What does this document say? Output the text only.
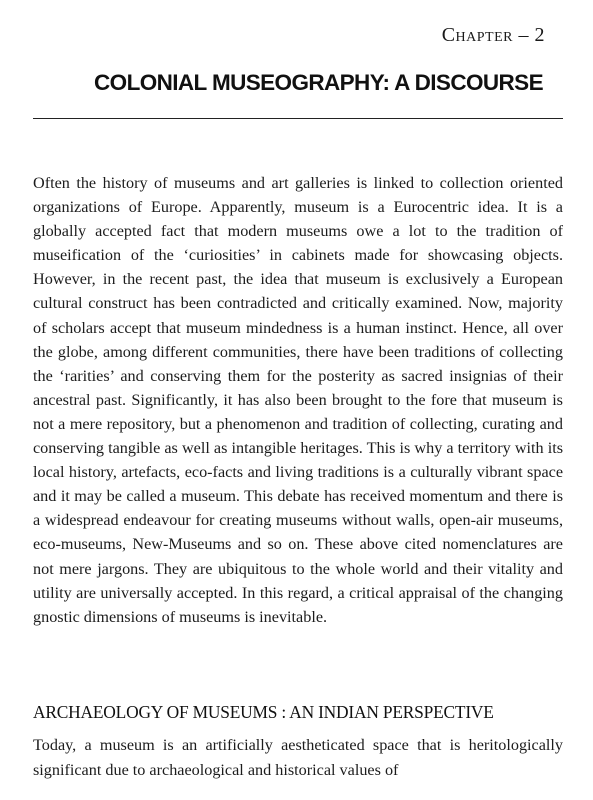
Chapter – 2
COLONIAL MUSEOGRAPHY: A DISCOURSE

Often the history of museums and art galleries is linked to collection oriented organizations of Europe. Apparently, museum is a Eurocentric idea. It is a globally accepted fact that modern museums owe a lot to the tradition of museification of the ‘curiosities’ in cabinets made for showcasing objects. However, in the recent past, the idea that museum is exclusively a European cultural construct has been contradicted and critically examined. Now, majority of scholars accept that museum mindedness is a human instinct. Hence, all over the globe, among different communities, there have been traditions of collecting the ‘rarities’ and conserving them for the posterity as sacred insignias of their ancestral past. Significantly, it has also been brought to the fore that museum is not a mere repository, but a phenomenon and tradition of collecting, curating and conserving tangible as well as intangible heritages. This is why a territory with its local history, artefacts, eco-facts and living traditions is a culturally vibrant space and it may be called a museum. This debate has received momentum and there is a widespread endeavour for creating museums without walls, open-air museums, eco-museums, New-Museums and so on. These above cited nomenclatures are not mere jargons. They are ubiquitous to the whole world and their vitality and utility are universally accepted. In this regard, a critical appraisal of the changing gnostic dimensions of museums is inevitable.

ARCHAEOLOGY OF MUSEUMS : AN INDIAN PERSPECTIVE

Today, a museum is an artificially aestheticated space that is heritologically significant due to archaeological and historical values of
